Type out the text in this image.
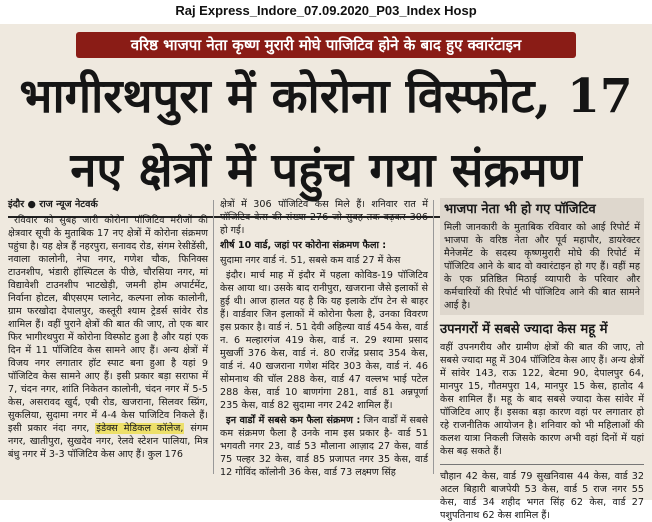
Raj Express_Indore_07.09.2020_P03_Index Hosp
वरिष्ठ भाजपा नेता कृष्ण मुरारी मोघे पाजिटिव होने के बाद हुए क्वारंटाइन
भागीरथपुरा में कोरोना विस्फोट, 17
नए क्षेत्रों में पहुंच गया संक्रमण
इंदौर ● राज न्यूज नेटवर्क

रविवार को सुबह जारी कोरोना पॉजिटिव मरीजों की क्षेत्रवार सूची के मुताबिक 17 नए क्षेत्रों में कोरोना संक्रमण पहुंचा है। यह क्षेत्र हैं नहरपुरा, सनावद रोड, संगम रेसीडेंसी, नवाला कालोनी, नेपा नगर, गणेश चौक, फिनिक्स टाउनशीप, भंडारी हॉस्पिटल के पीछे, चौरसिया नगर, मां विद्यावेशी टाउनशीप भाटखेड़ी, जमनी होम अपार्टमेंट, निर्वाना होटल, बीएसएम प्लानेट, कल्पना लोक कालोनी, ग्राम फरखोदा देपालपुर, कस्तूरी श्याम ट्रेडर्स सांवेर रोड शामिल हैं। वहीं पुराने क्षेत्रों की बात की जाए, तो एक बार फिर भागीरथपुरा में कोरोना विस्फोट हुआ है और यहां एक दिन में 11 पॉजिटिव केस सामने आए हैं। अन्य क्षेत्रों में विजय नगर लगातार हॉट स्पाट बना हुआ है यहां 9 पॉजिटिव केस सामने आए हैं। इसी प्रकार बड़ा सराफा में 7, चंदन नगर, शांति निकेतन कालोनी, चंदन नगर में 5-5 केस, असरावद खुर्द, एबी रोड, खजराना, सिलवर स्प्रिंग, सुकलिया, सुदामा नगर में 4-4 केस पाजिटिव निकले हैं। इसी प्रकार नंदा नगर, इंडेक्स मेडिकल कॉलेज, संगम नगर, खातीपुरा, सुखदेव नगर, रेलवे स्टेशन पालिया, मित्र बंधु नगर में 3-3 पॉजिटिव केस आए हैं। कुल 176

क्षेत्रों में 306 पॉजिटिव केस मिले हैं। शनिवार रात में पॉजिटिव केस की संख्या 276 जो सुबह तक बढ़कर 306 हो गई।

शीर्ष 10 वार्ड, जहां पर कोरोना संक्रमण फैला :

सुदामा नगर वार्ड नं. 51, सबसे कम वार्ड 27 में केस

इंदौर। मार्च माह में इंदौर में पहला कोविड-19 पॉजिटिव केस आया था। उसके बाद रानीपुरा, खजराना जैसे इलाकों से हुई थी। आज हालत यह है कि यह इलाके टॉप टेन से बाहर हैं। वार्डवार जिन इलाकों में कोरोना फैला है, उनका विवरण इस प्रकार है। वार्ड नं. 51 देवी अहिल्या वार्ड 454 केस, वार्ड न. 6 मल्हारगंज 419 केस, वार्ड न. 29 श्यामा प्रसाद मुखर्जी 376 केस, वार्ड नं. 80 राजेंद्र प्रसाद 354 केस, वार्ड नं. 40 खजराना गणेश मंदिर 303 केस, वार्ड नं. 46 सोमनाथ की चॉल 288 केस, वार्ड 47 वल्लभ भाई पटेल 288 केस, वार्ड 10 बाणगंगा 281, वार्ड 81 अन्नपूर्णा 235 केस, वार्ड 82 सुदामा नगर 242 शामिल हैं।

इन वार्डों में सबसे कम फैला संक्रमण : जिन वार्डों में सबसे कम संक्रमण फैला है उनके नाम इस प्रकार है- वार्ड 51 भगवती नगर 23, वार्ड 53 मौलाना आज़ाद 27 केस, वार्ड 75 पल्हर 32 केस, वार्ड 85 प्रजापत नगर 35 केस, वार्ड 12 गोविंद कॉलोनी 36 केस, वार्ड 73 लक्ष्मण सिंह

भाजपा नेता भी हो गए पॉजिटिव
मिली जानकारी के मुताबिक रविवार को आई रिपोर्ट में भाजपा के वरिष्ठ नेता और पूर्व महापौर, डायरेक्टर मैनेजमेंट के सदस्य कृष्णमुरारी मोघे की रिपोर्ट में पॉजिटिव आने के बाद वो क्वारंटाइन हो गए हैं। वहीं मह के एक प्रतिष्ठित मिठाई व्यापारी के परिवार और कर्मचारियों की रिपोर्ट भी पॉजिटिव आने की बात सामने आई है।
उपनगरों में सबसे ज्यादा केस महू में

वहीं उपनगरीय और ग्रामीण क्षेत्रों की बात की जाए, तो सबसे ज्यादा महू में 304 पॉजिटिव केस आए हैं। अन्य क्षेत्रों में सांवेर 143, राऊ 122, बेटमा 90, देपालपुर 64, मानपुर 15, गौतमपुरा 14, मानपुर 15 केस, हातोद 4 केस शामिल हैं। महू के बाद सबसे ज्यादा केस सांवेर में पॉजिटिव आए हैं। इसका बड़ा कारण वहां पर लगातार हो रहे राजनीतिक आयोजन है। शनिवार को भी महिलाओं की कलश यात्रा निकली जिसके कारण अभी वहां दिनों में यहां केस बढ़ सकते हैं।

चौहान 42 केस, वार्ड 79 सुखनिवास 44 केस, वार्ड 32 अटल बिहारी बाजपेयी 53 केस, वार्ड 5 राज नगर 55 केस, वार्ड 34 शहीद भगत सिंह 62 केस, वार्ड 27 पशुपतिनाथ 62 केस शामिल हैं।
